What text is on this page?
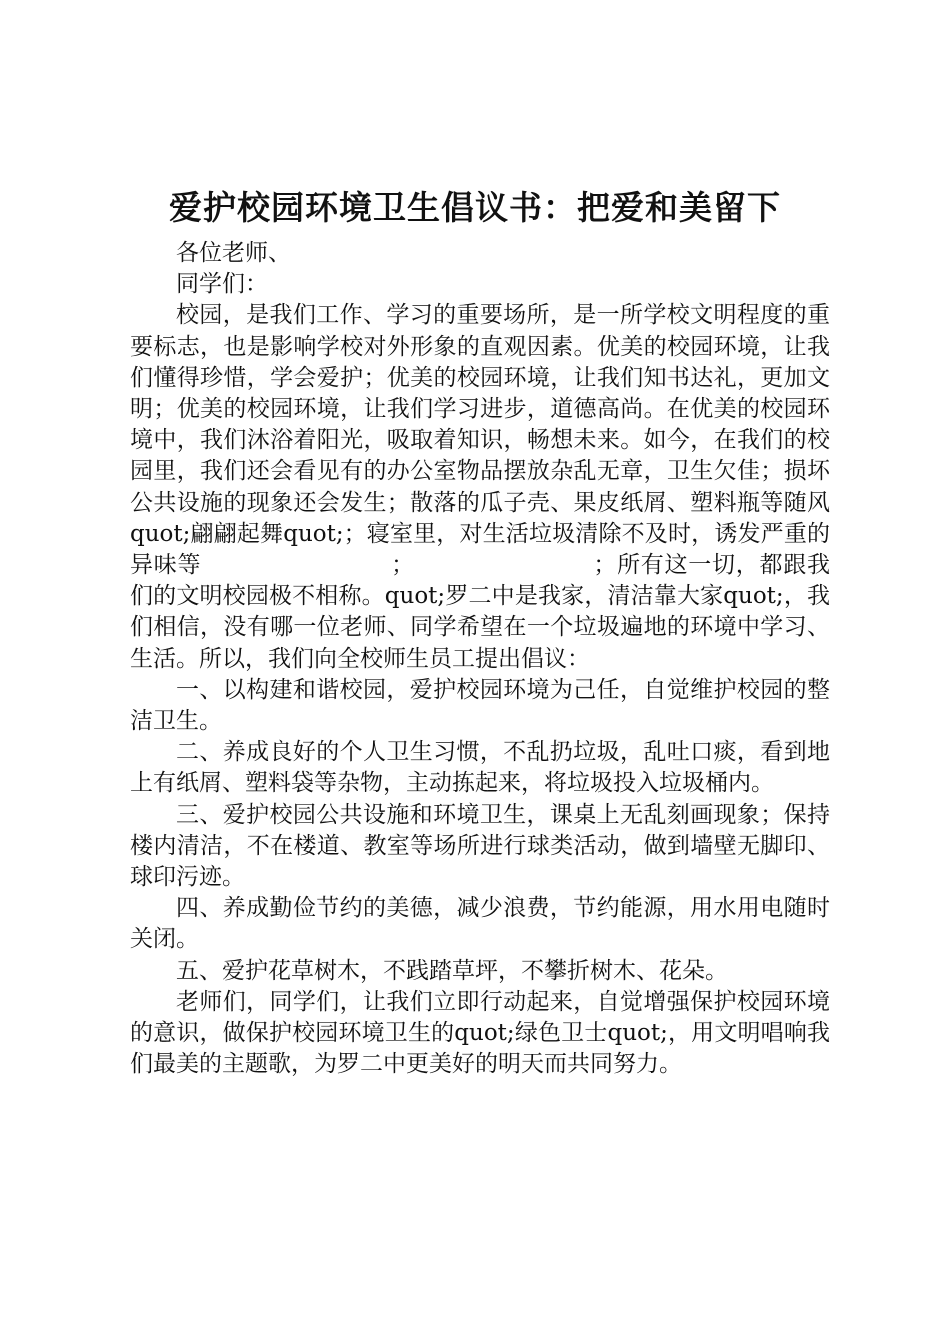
爱护校园环境卫生倡议书：把爱和美留下

各位老师、

同学们：

校园，是我们工作、学习的重要场所，是一所学校文明程度的重要标志，也是影响学校对外形象的直观因素。优美的校园环境，让我们懂得珍惜，学会爱护；优美的校园环境，让我们知书达礼，更加文明；优美的校园环境，让我们学习进步，道德高尚。在优美的校园环境中，我们沐浴着阳光，吸取着知识，畅想未来。如今，在我们的校园里，我们还会看见有的办公室物品摆放杂乱无章，卫生欠佳；损坏公共设施的现象还会发生；散落的瓜子壳、果皮纸屑、塑料瓶等随风quot;翩翩起舞quot;；寝室里，对生活垃圾清除不及时，诱发严重的异味等　　　　　　　　；　　　　　　　　；所有这一切，都跟我们的文明校园极不相称。quot;罗二中是我家，清洁靠大家quot;，我们相信，没有哪一位老师、同学希望在一个垃圾遍地的环境中学习、生活。所以，我们向全校师生员工提出倡议：

一、以构建和谐校园，爱护校园环境为己任，自觉维护校园的整洁卫生。

二、养成良好的个人卫生习惯，不乱扔垃圾，乱吐口痰，看到地上有纸屑、塑料袋等杂物，主动拣起来，将垃圾投入垃圾桶内。

三、爱护校园公共设施和环境卫生，课桌上无乱刻画现象；保持楼内清洁，不在楼道、教室等场所进行球类活动，做到墙壁无脚印、球印污迹。

四、养成勤俭节约的美德，减少浪费，节约能源，用水用电随时关闭。

五、爱护花草树木，不践踏草坪，不攀折树木、花朵。

老师们，同学们，让我们立即行动起来，自觉增强保护校园环境的意识，做保护校园环境卫生的quot;绿色卫士quot;，用文明唱响我们最美的主题歌，为罗二中更美好的明天而共同努力。
